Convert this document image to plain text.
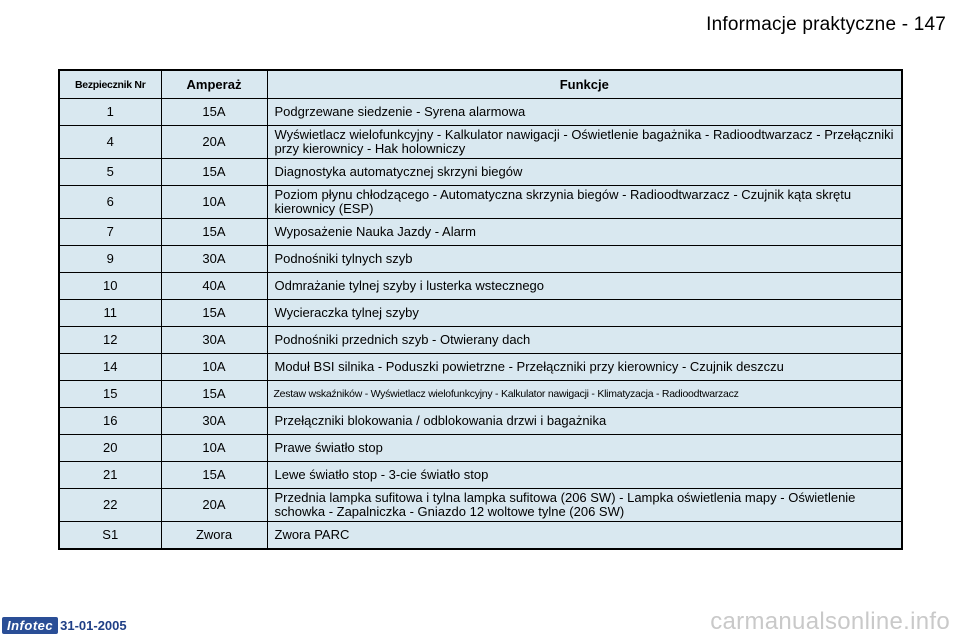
Informacje praktyczne - 147
Bezpiecznik Nr	Amperaż	Funkcje
1	15A	Podgrzewane siedzenie - Syrena alarmowa
4	20A	Wyświetlacz wielofunkcyjny - Kalkulator nawigacji - Oświetlenie bagażnika - Radioodtwarzacz - Przełączniki przy kierownicy - Hak holowniczy
5	15A	Diagnostyka automatycznej skrzyni biegów
6	10A	Poziom płynu chłodzącego - Automatyczna skrzynia biegów - Radioodtwarzacz - Czujnik kąta skrętu kierownicy (ESP)
7	15A	Wyposażenie Nauka Jazdy - Alarm
9	30A	Podnośniki tylnych szyb
10	40A	Odmrażanie tylnej szyby i lusterka wstecznego
11	15A	Wycieraczka tylnej szyby
12	30A	Podnośniki przednich szyb - Otwierany dach
14	10A	Moduł BSI silnika - Poduszki powietrzne - Przełączniki przy kierownicy - Czujnik deszczu
15	15A	Zestaw wskaźników - Wyświetlacz wielofunkcyjny - Kalkulator nawigacji - Klimatyzacja - Radioodtwarzacz
16	30A	Przełączniki blokowania / odblokowania drzwi i bagażnika
20	10A	Prawe światło stop
21	15A	Lewe światło stop - 3-cie światło stop
22	20A	Przednia lampka sufitowa i tylna lampka sufitowa (206 SW) - Lampka oświetlenia mapy - Oświetlenie schowka - Zapalniczka - Gniazdo 12 woltowe tylne (206 SW)
S1	Zwora	Zwora PARC
Infotec 31-01-2005	carmanualsonline.info
